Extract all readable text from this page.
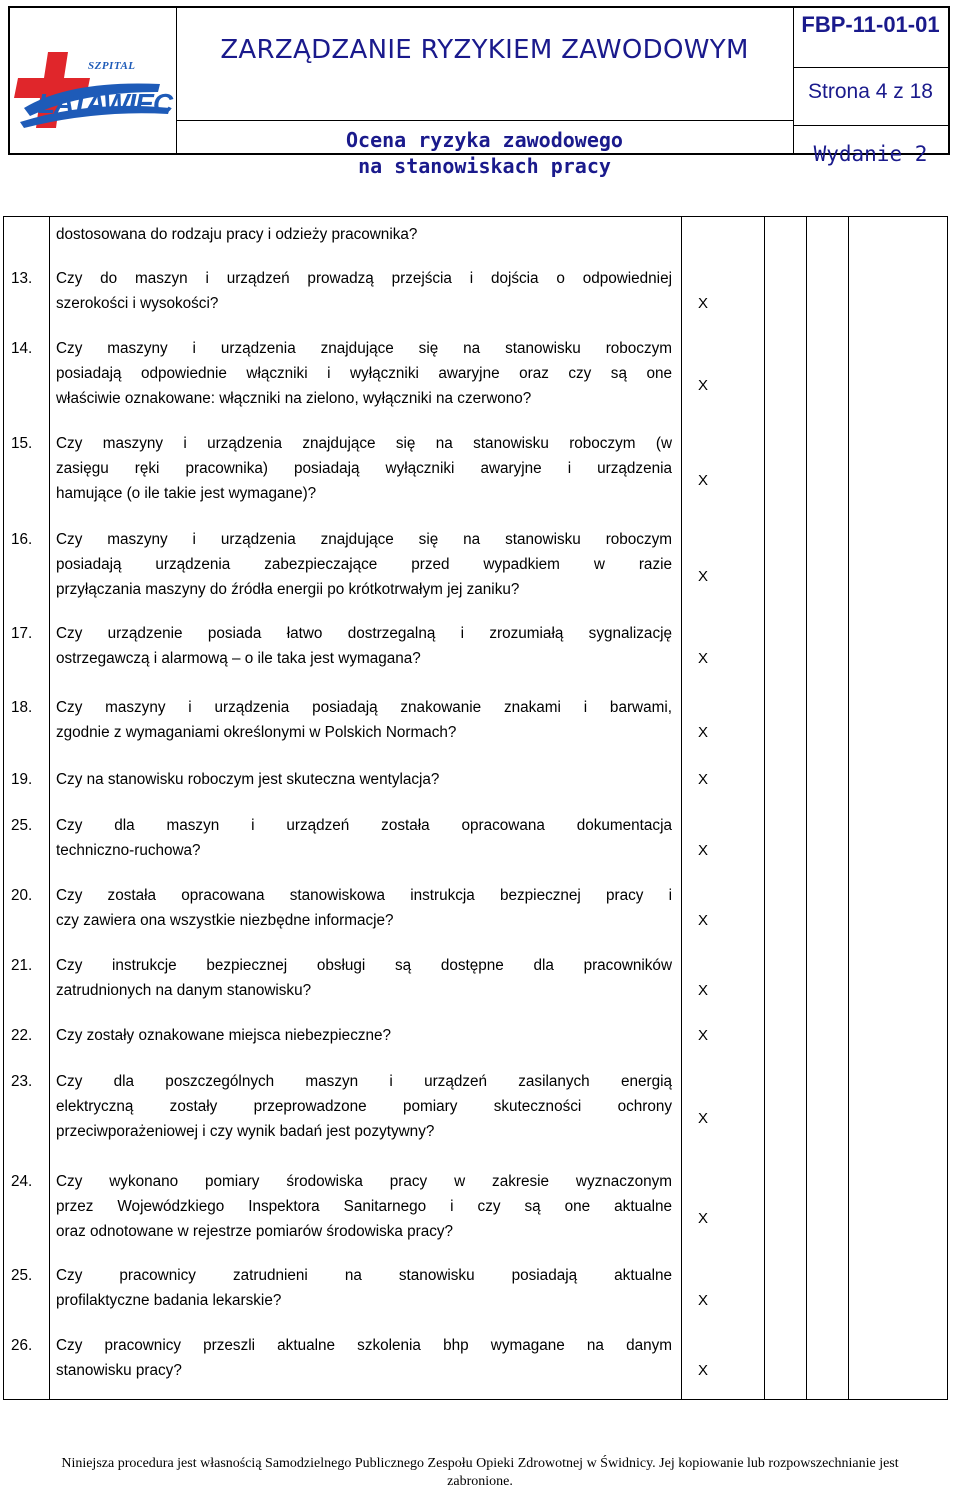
SZPITAL
LATAWIEC
ZARZĄDZANIE RYZYKIEM ZAWODOWYM
Ocena ryzyka zawodowego
na stanowiskach pracy
FBP-11-01-01
Strona 4 z 18
Wydanie 2
dostosowana do rodzaju pracy i odzieży pracownika?
13. Czy do maszyn i urządzeń prowadzą przejścia i dojścia o odpowiedniej
szerokości i wysokości?	X
14. Czy maszyny i urządzenia znajdujące się na stanowisku roboczym
posiadają odpowiednie włączniki i wyłączniki awaryjne oraz czy są one
właściwie oznakowane: włączniki na zielono, wyłączniki na czerwono?
X
15. Czy maszyny i urządzenia znajdujące się na stanowisku roboczym (w
zasięgu ręki pracownika) posiadają wyłączniki awaryjne i urządzenia
hamujące (o ile takie jest wymagane)?
X
16. Czy maszyny i urządzenia znajdujące się na stanowisku roboczym
posiadają urządzenia zabezpieczające przed wypadkiem w razie
przyłączania maszyny do źródła energii po krótkotrwałym jej zaniku?
X
17. Czy urządzenie posiada łatwo dostrzegalną i zrozumiałą sygnalizację
ostrzegawczą i alarmową – o ile taka jest wymagana?	X
18. Czy maszyny i urządzenia posiadają znakowanie znakami i barwami,
zgodnie z wymaganiami określonymi w Polskich Normach?	X
19. Czy na stanowisku roboczym jest skuteczna wentylacja?	X
25. Czy dla maszyn i urządzeń została opracowana dokumentacja
techniczno-ruchowa?	X
20. Czy została opracowana stanowiskowa instrukcja bezpiecznej pracy i
czy zawiera ona wszystkie niezbędne informacje?	X
21. Czy instrukcje bezpiecznej obsługi są dostępne dla pracowników
zatrudnionych na danym stanowisku?	X
22. Czy zostały oznakowane miejsca niebezpieczne?	X
23. Czy dla poszczególnych maszyn i urządzeń zasilanych energią
elektryczną zostały przeprowadzone pomiary skuteczności ochrony
przeciwporażeniowej i czy wynik badań jest pozytywny?
X
24. Czy wykonano pomiary środowiska pracy w zakresie wyznaczonym
przez Wojewódzkiego Inspektora Sanitarnego i czy są one aktualne
oraz odnotowane w rejestrze pomiarów środowiska pracy?
X
25. Czy pracownicy zatrudnieni na stanowisku posiadają aktualne
profilaktyczne badania lekarskie?	X
26. Czy pracownicy przeszli aktualne szkolenia bhp wymagane na danym
stanowisku pracy?	X
Niniejsza procedura jest własnością Samodzielnego Publicznego Zespołu Opieki Zdrowotnej w Świdnicy. Jej kopiowanie lub rozpowszechnianie jest
zabronione.
